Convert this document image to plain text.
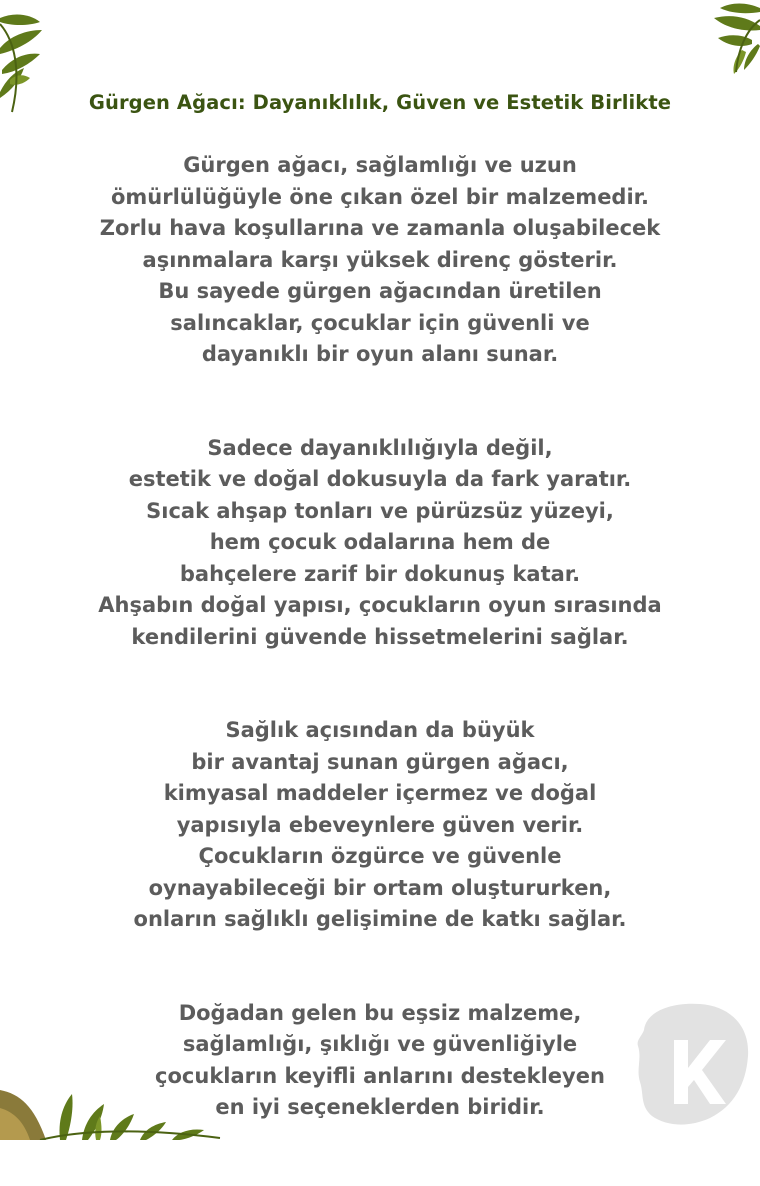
Gürgen Ağacı: Dayanıklılık, Güven ve Estetik Birlikte
Gürgen ağacı, sağlamlığı ve uzun
ömürlülüğüyle öne çıkan özel bir malzemedir.
Zorlu hava koşullarına ve zamanla oluşabilecek
aşınmalara karşı yüksek direnç gösterir.
Bu sayede gürgen ağacından üretilen
salıncaklar, çocuklar için güvenli ve
dayanıklı bir oyun alanı sunar.
Sadece dayanıklılığıyla değil,
estetik ve doğal dokusuyla da fark yaratır.
Sıcak ahşap tonları ve pürüzsüz yüzeyi,
hem çocuk odalarına hem de
bahçelere zarif bir dokunuş katar.
Ahşabın doğal yapısı, çocukların oyun sırasında
kendilerini güvende hissetmelerini sağlar.
Sağlık açısından da büyük
bir avantaj sunan gürgen ağacı,
kimyasal maddeler içermez ve doğal
yapısıyla ebeveynlere güven verir.
Çocukların özgürce ve güvenle
oynayabileceği bir ortam oluştururken,
onların sağlıklı gelişimine de katkı sağlar.
Doğadan gelen bu eşsiz malzeme,
sağlamlığı, şıklığı ve güvenliğiyle
çocukların keyifli anlarını destekleyen
en iyi seçeneklerden biridir.
